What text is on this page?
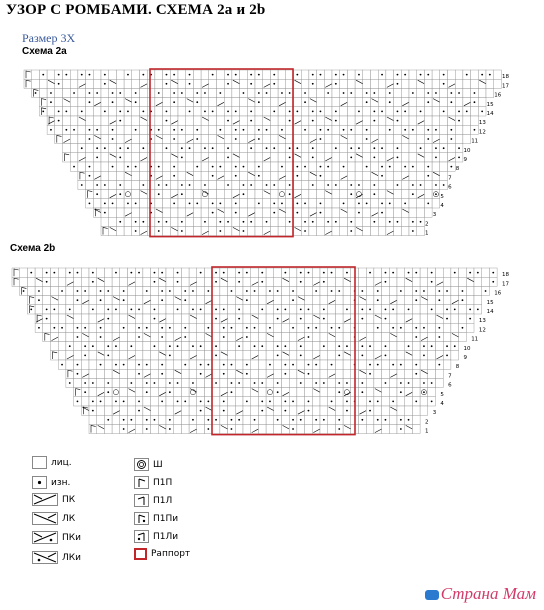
УЗОР С РОМБАМИ. СХЕМА 2a и 2b
Размер 3Х
Схема 2а
18
17
16
15
14
13
12
11
10
9
8
7
6
5
4
3
2
1
Схема 2b
18
17
16
15
14
13
12
11
10
9
8
7
6
5
4
3
2
1
лиц.
изн.
ПК
ЛК
ПКи
ЛКи
Ш
П1П
П1Л
П1Пи
П1Ли
Раппорт
Страна Мам
